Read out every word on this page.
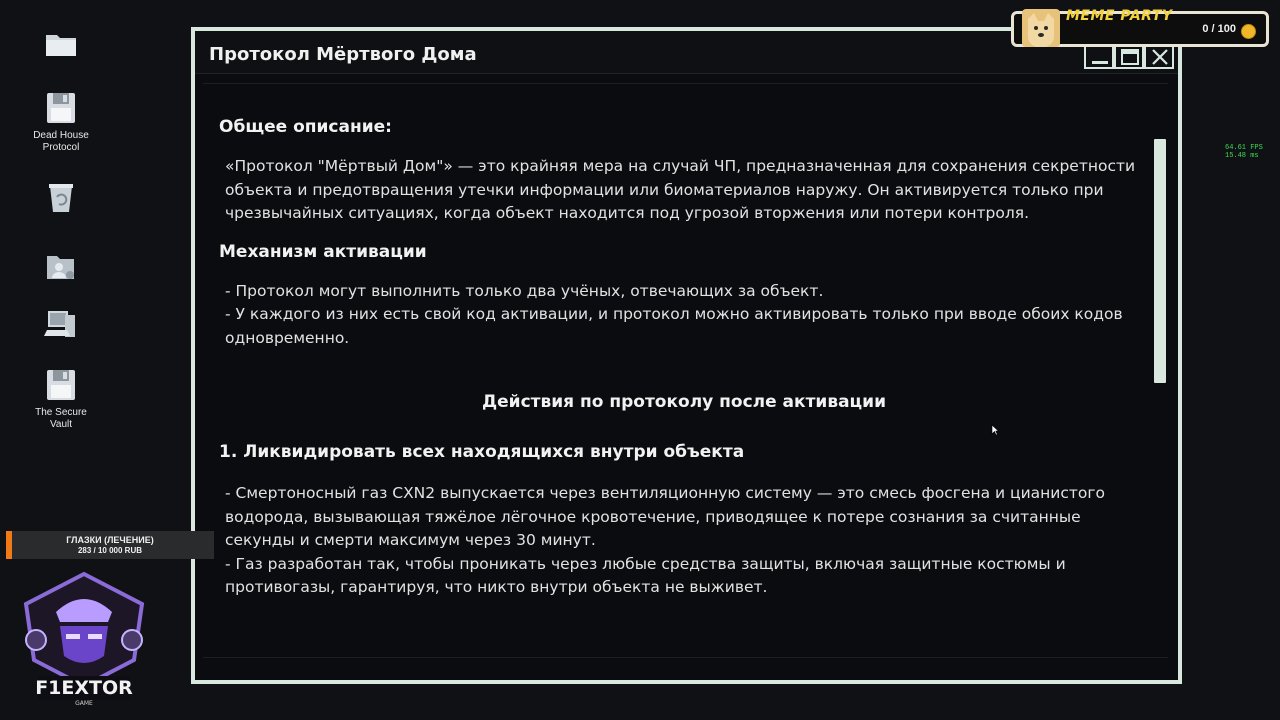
Dead House
Protocol
The Secure
Vault
Протокол Мёртвого Дома
Общее описание:

«Протокол "Мёртвый Дом"» — это крайняя мера на случай ЧП, предназначенная для сохранения секретности объекта и предотвращения утечки информации или биоматериалов наружу. Он активируется только при чрезвычайных ситуациях, когда объект находится под угрозой вторжения или потери контроля.

Механизм активации

- Протокол могут выполнить только два учёных, отвечающих за объект.

- У каждого из них есть свой код активации, и протокол можно активировать только при вводе обоих кодов одновременно.

Действия по протоколу после активации
1. Ликвидировать всех находящихся внутри объекта

- Смертоносный газ CXN2 выпускается через вентиляционную систему — это смесь фосгена и цианистого водорода, вызывающая тяжёлое лёгочное кровотечение, приводящее к потере сознания за считанные секунды и смерти максимум через 30 минут.

- Газ разработан так, чтобы проникать через любые средства защиты, включая защитные костюмы и противогазы, гарантируя, что никто внутри объекта не выживет.

MEME PARTY
0 / 100
64.61 FPS
15.48 ms
ГЛАЗКИ (ЛЕЧЕНИЕ)
283 / 10 000 RUB
F1EXTOR
GAME
